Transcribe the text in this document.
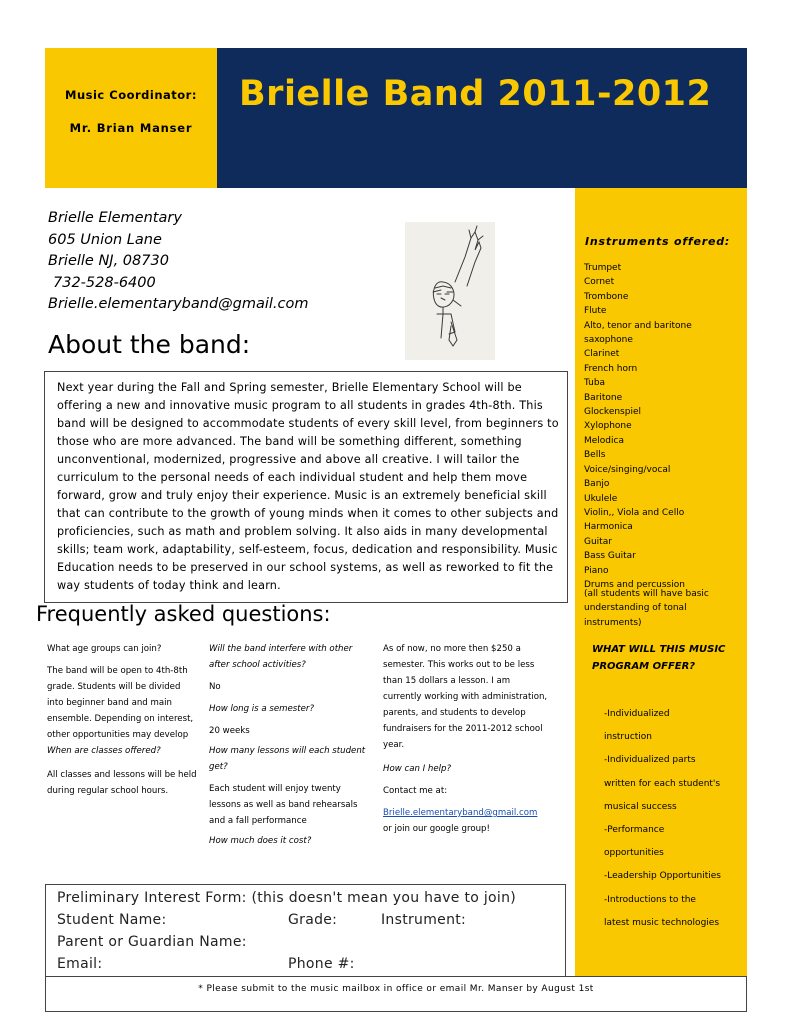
Music Coordinator:
Mr. Brian Manser
Brielle Band 2011-2012
Instruments offered:
Trumpet
Cornet
Trombone
Flute
Alto, tenor and baritone
saxophone
Clarinet
French horn
Tuba
Baritone
Glockenspiel
Xylophone
Melodica
Bells
Voice/singing/vocal
Banjo
Ukulele
Violin,, Viola and Cello
Harmonica
Guitar
Bass Guitar
Piano
Drums and percussion
(all students will have basic understanding of tonal instruments)
WHAT WILL THIS MUSIC PROGRAM OFFER?
-Individualized
instruction
-Individualized parts
written for each student's
musical success
-Performance
opportunities
-Leadership Opportunities
-Introductions to the
latest music technologies
Brielle Elementary
605 Union Lane
Brielle NJ, 08730
732-528-6400
Brielle.elementaryband@gmail.com
About the band:

Next year during the Fall and Spring semester, Brielle Elementary School will be offering a new and innovative music program to all students in grades 4th-8th. This band will be designed to accommodate students of every skill level, from beginners to those who are more advanced. The band will be something different, something unconventional, modernized, progressive and above all creative. I will tailor the curriculum to the personal needs of each individual student and help them move forward, grow and truly enjoy their experience. Music is an extremely beneficial skill that can contribute to the growth of young minds when it comes to other subjects and proficiencies, such as math and problem solving. It also aids in many developmental skills; team work, adaptability, self-esteem, focus, dedication and responsibility. Music Education needs to be preserved in our school systems, as well as reworked to fit the way students of today think and learn.

Frequently asked questions:

What age groups can join?

The band will be open to 4th-8th grade. Students will be divided into beginner band and main ensemble. Depending on interest, other opportunities may develop

When are classes offered?

All classes and lessons will be held during regular school hours.

Will the band interfere with other after school activities?

No

How long is a semester?

20 weeks

How many lessons will each student get?

Each student will enjoy twenty lessons as well as band rehearsals and a fall performance

How much does it cost?

As of now, no more then $250 a semester. This works out to be less than 15 dollars a lesson. I am currently working with administration, parents, and students to develop fundraisers for the 2011-2012 school year.

How can I help?

Contact me at:

Brielle.elementaryband@gmail.com or join our google group!

Preliminary Interest Form: (this doesn't mean you have to join)
Student Name:	Grade:	Instrument:
Parent or Guardian Name:
Email:	Phone #:
* Please submit to the music mailbox in office or email Mr. Manser by August 1st
